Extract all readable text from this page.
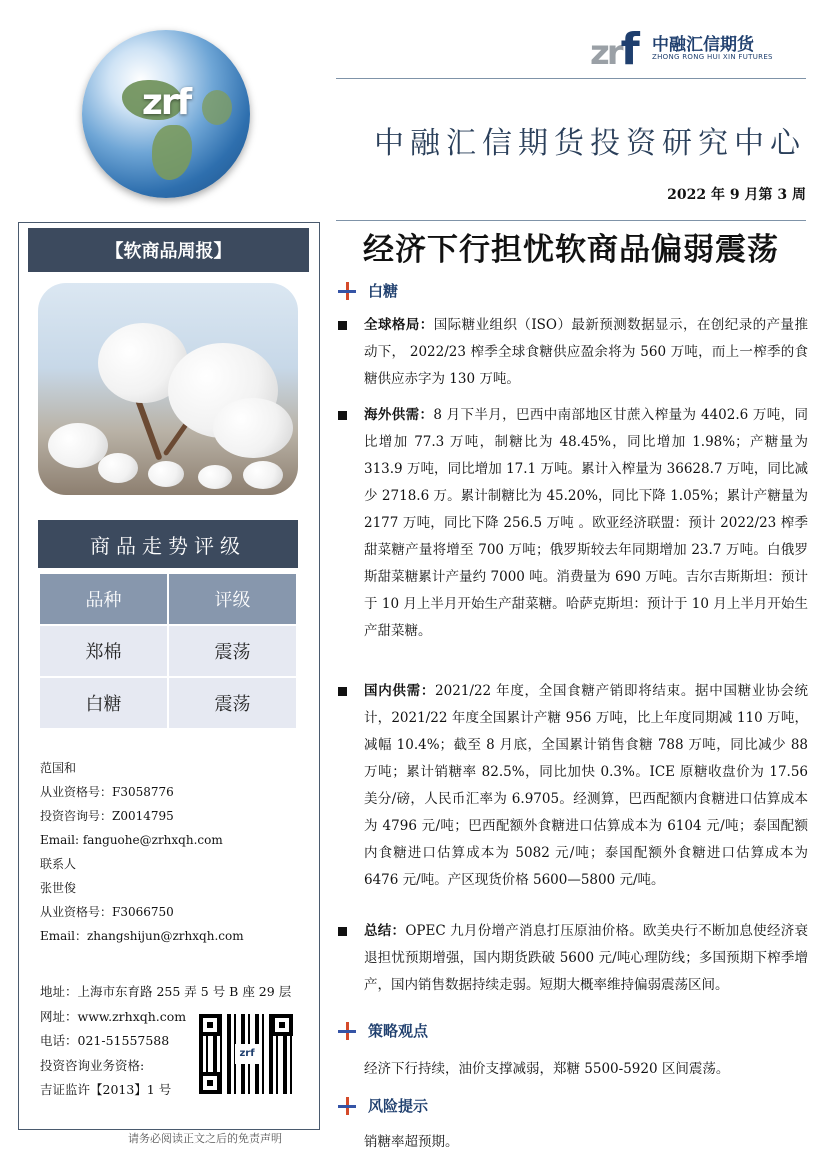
zrf
zrf 中融汇信期货
ZHONG RONG HUI XIN FUTURES
中融汇信期货投资研究中心
2022 年 9 月第 3 周
经济下行担忧软商品偏弱震荡
【软商品周报】
商品走势评级
品种	评级
郑棉	震荡
白糖	震荡
范国和
从业资格号：F3058776
投资咨询号：Z0014795
Email: fanguohe@zrhxqh.com
联系人
张世俊
从业资格号：F3066750
Email：zhangshijun@zrhxqh.com
地址：上海市东育路 255 弄 5 号 B 座 29 层
网址：www.zrhxqh.com
电话：021-51557588
投资咨询业务资格:
吉证监许【2013】1 号
zrf
请务必阅读正文之后的免责声明
白糖
全球格局：国际糖业组织（ISO）最新预测数据显示，在创纪录的产量推动下， 2022/23 榨季全球食糖供应盈余将为 560 万吨，而上一榨季的食糖供应赤字为 130 万吨。
海外供需：8 月下半月，巴西中南部地区甘蔗入榨量为 4402.6 万吨，同比增加 77.3 万吨，制糖比为 48.45%，同比增加 1.98%；产糖量为 313.9 万吨，同比增加 17.1 万吨。累计入榨量为 36628.7 万吨，同比减少 2718.6 万。累计制糖比为 45.20%，同比下降 1.05%；累计产糖量为 2177 万吨，同比下降 256.5 万吨 。欧亚经济联盟：预计 2022/23 榨季甜菜糖产量将增至 700 万吨；俄罗斯较去年同期增加 23.7 万吨。白俄罗斯甜菜糖累计产量约 7000 吨。消费量为 690 万吨。吉尔吉斯斯坦：预计于 10 月上半月开始生产甜菜糖。哈萨克斯坦：预计于 10 月上半月开始生产甜菜糖。
国内供需：2021/22 年度，全国食糖产销即将结束。据中国糖业协会统计，2021/22 年度全国累计产糖 956 万吨，比上年度同期减 110 万吨，减幅 10.4%；截至 8 月底，全国累计销售食糖 788 万吨，同比减少 88 万吨；累计销糖率 82.5%，同比加快 0.3%。ICE 原糖收盘价为 17.56 美分/磅，人民币汇率为 6.9705。经测算，巴西配额内食糖进口估算成本为 4796 元/吨；巴西配额外食糖进口估算成本为 6104 元/吨；泰国配额内食糖进口估算成本为 5082 元/吨；泰国配额外食糖进口估算成本为 6476 元/吨。产区现货价格 5600—5800 元/吨。
总结：OPEC 九月份增产消息打压原油价格。欧美央行不断加息使经济衰退担忧预期增强，国内期货跌破 5600 元/吨心理防线；多国预期下榨季增产，国内销售数据持续走弱。短期大概率维持偏弱震荡区间。
策略观点
经济下行持续，油价支撑减弱，郑糖 5500-5920 区间震荡。
风险提示
销糖率超预期。
